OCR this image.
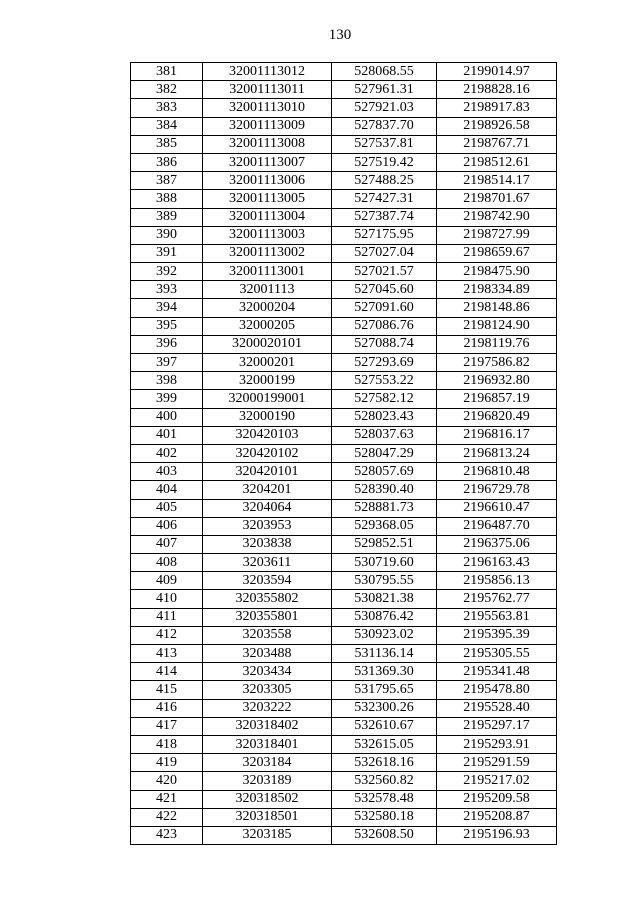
130
381	32001113012	528068.55	2199014.97
382	32001113011	527961.31	2198828.16
383	32001113010	527921.03	2198917.83
384	32001113009	527837.70	2198926.58
385	32001113008	527537.81	2198767.71
386	32001113007	527519.42	2198512.61
387	32001113006	527488.25	2198514.17
388	32001113005	527427.31	2198701.67
389	32001113004	527387.74	2198742.90
390	32001113003	527175.95	2198727.99
391	32001113002	527027.04	2198659.67
392	32001113001	527021.57	2198475.90
393	32001113	527045.60	2198334.89
394	32000204	527091.60	2198148.86
395	32000205	527086.76	2198124.90
396	3200020101	527088.74	2198119.76
397	32000201	527293.69	2197586.82
398	32000199	527553.22	2196932.80
399	32000199001	527582.12	2196857.19
400	32000190	528023.43	2196820.49
401	320420103	528037.63	2196816.17
402	320420102	528047.29	2196813.24
403	320420101	528057.69	2196810.48
404	3204201	528390.40	2196729.78
405	3204064	528881.73	2196610.47
406	3203953	529368.05	2196487.70
407	3203838	529852.51	2196375.06
408	3203611	530719.60	2196163.43
409	3203594	530795.55	2195856.13
410	320355802	530821.38	2195762.77
411	320355801	530876.42	2195563.81
412	3203558	530923.02	2195395.39
413	3203488	531136.14	2195305.55
414	3203434	531369.30	2195341.48
415	3203305	531795.65	2195478.80
416	3203222	532300.26	2195528.40
417	320318402	532610.67	2195297.17
418	320318401	532615.05	2195293.91
419	3203184	532618.16	2195291.59
420	3203189	532560.82	2195217.02
421	320318502	532578.48	2195209.58
422	320318501	532580.18	2195208.87
423	3203185	532608.50	2195196.93
